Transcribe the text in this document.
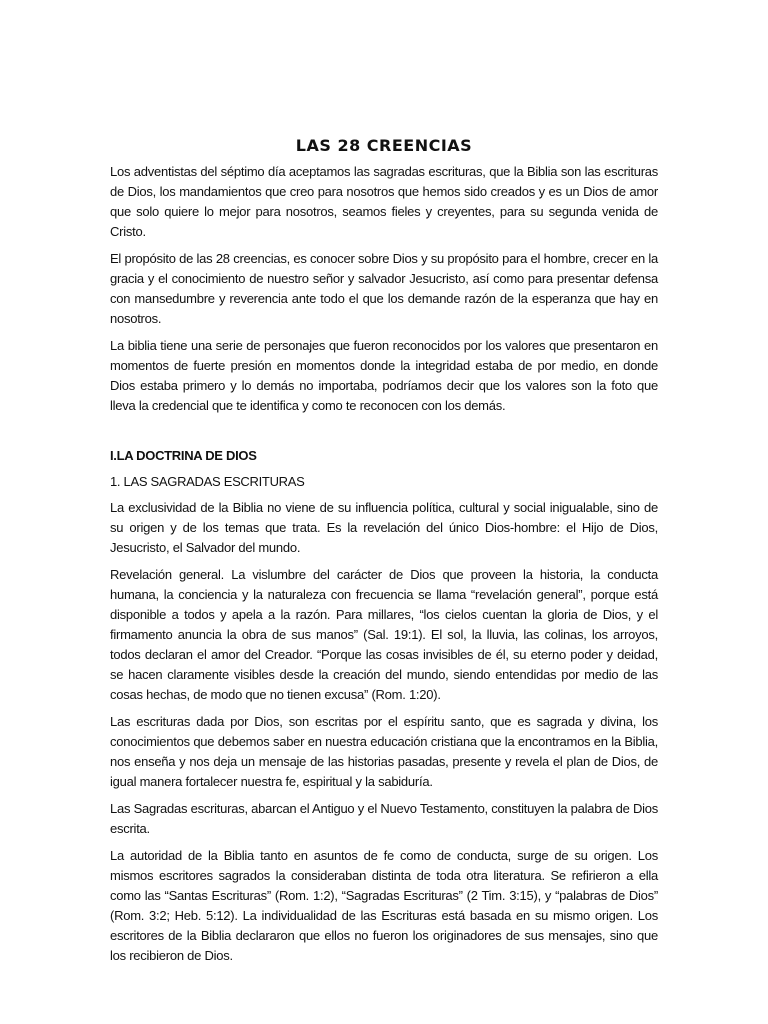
LAS 28 CREENCIAS

Los adventistas del séptimo día aceptamos las sagradas escrituras, que la Biblia son las escrituras de Dios, los mandamientos que creo para nosotros que hemos sido creados y es un Dios de amor que solo quiere lo mejor para nosotros, seamos fieles y creyentes, para su segunda venida de Cristo.

El propósito de las 28 creencias, es conocer sobre Dios y su propósito para el hombre, crecer en la gracia y el conocimiento de nuestro señor y salvador Jesucristo, así como para presentar defensa con mansedumbre y reverencia ante todo el que los demande razón de la esperanza que hay en nosotros.

La biblia tiene una serie de personajes que fueron reconocidos por los valores que presentaron en momentos de fuerte presión en momentos donde la integridad estaba de por medio, en donde Dios estaba primero y lo demás no importaba, podríamos decir que los valores son la foto que lleva la credencial que te identifica y como te reconocen con los demás.

I.LA DOCTRINA DE DIOS

1. LAS SAGRADAS ESCRITURAS

La exclusividad de la Biblia no viene de su influencia política, cultural y social inigualable, sino de su origen y de los temas que trata. Es la revelación del único Dios-hombre: el Hijo de Dios, Jesucristo, el Salvador del mundo.

Revelación general. La vislumbre del carácter de Dios que proveen la historia, la conducta humana, la conciencia y la naturaleza con frecuencia se llama “revelación general”, porque está disponible a todos y apela a la razón. Para millares, “los cielos cuentan la gloria de Dios, y el firmamento anuncia la obra de sus manos” (Sal. 19:1). El sol, la lluvia, las colinas, los arroyos, todos declaran el amor del Creador. “Porque las cosas invisibles de él, su eterno poder y deidad, se hacen claramente visibles desde la creación del mundo, siendo entendidas por medio de las cosas hechas, de modo que no tienen excusa” (Rom. 1:20).

Las escrituras dada por Dios, son escritas por el espíritu santo, que es sagrada y divina, los conocimientos que debemos saber en nuestra educación cristiana que la encontramos en la Biblia, nos enseña y nos deja un mensaje de las historias pasadas, presente y revela el plan de Dios, de igual manera fortalecer nuestra fe, espiritual y la sabiduría.

Las Sagradas escrituras, abarcan el Antiguo y el Nuevo Testamento, constituyen la palabra de Dios escrita.

La autoridad de la Biblia tanto en asuntos de fe como de conducta, surge de su origen. Los mismos escritores sagrados la consideraban distinta de toda otra literatura. Se refirieron a ella como las “Santas Escrituras” (Rom. 1:2), “Sagradas Escrituras” (2 Tim. 3:15), y “palabras de Dios” (Rom. 3:2; Heb. 5:12). La individualidad de las Escrituras está basada en su mismo origen. Los escritores de la Biblia declararon que ellos no fueron los originadores de sus mensajes, sino que los recibieron de Dios.
